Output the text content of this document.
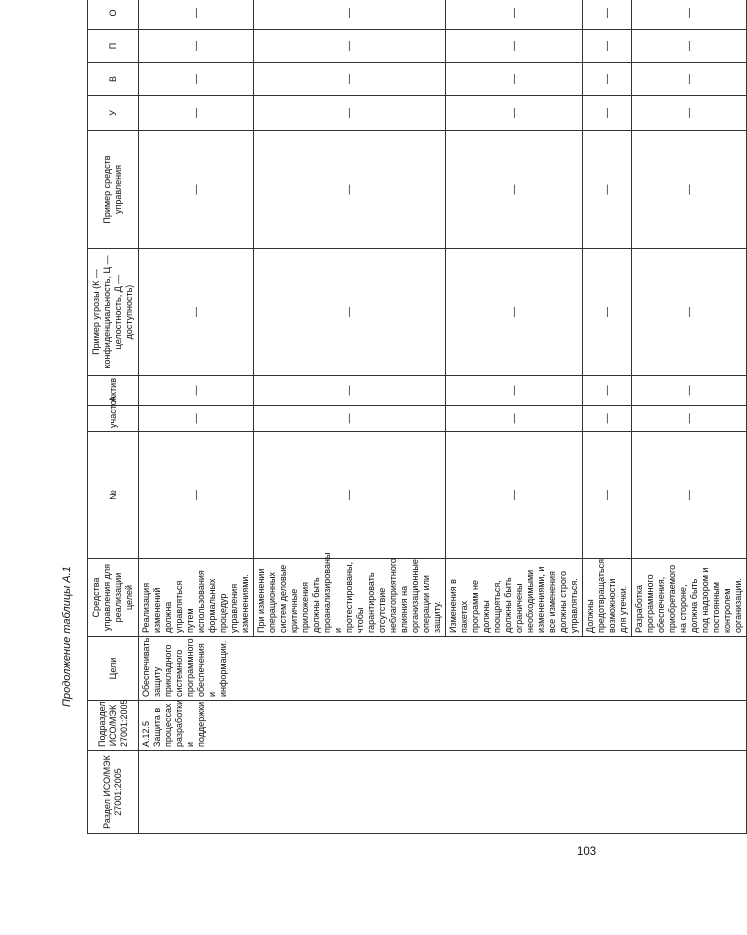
Продолжение таблицы А.1
103
Раздел ИСО/МЭК 27001:2005	Подраздел ИСО/МЭК 27001:2005	Цели	Средства управления для реализации целей	№	участок	Актив	Пример угрозы (К — конфиденциальность, Ц — целостность, Д — доступность)	Пример средств управления	У	В	П	О
	А.12.5 Защита в процессах разработки и поддержки	Обеспечивать защиту прикладного системного программного обеспечения и информации.	Реализация изменений должна управляться путем использования формальных процедур управления изменениями.	—	—	—	—	—	—	—	—	—
			При изменении операционных систем деловые критичные приложения должны быть проанализированы и протестированы, чтобы гарантировать отсутствие неблагоприятного влияния на организационные операции или защиту.	—	—	—	—	—	—	—	—	—
			Изменения в пакетах программ не должны поощряться, должны быть ограничены необходимыми изменениями, и все изменения должны строго управляться.	—	—	—	—	—	—	—	—	—
			Должны предотвращаться возможности для утечки.	—	—	—	—	—	—	—	—	—
			Разработка программного обеспечения, приобретаемого на стороне, должна быть под надзором и постоянным контролем организации.	—	—	—	—	—	—	—	—	—
